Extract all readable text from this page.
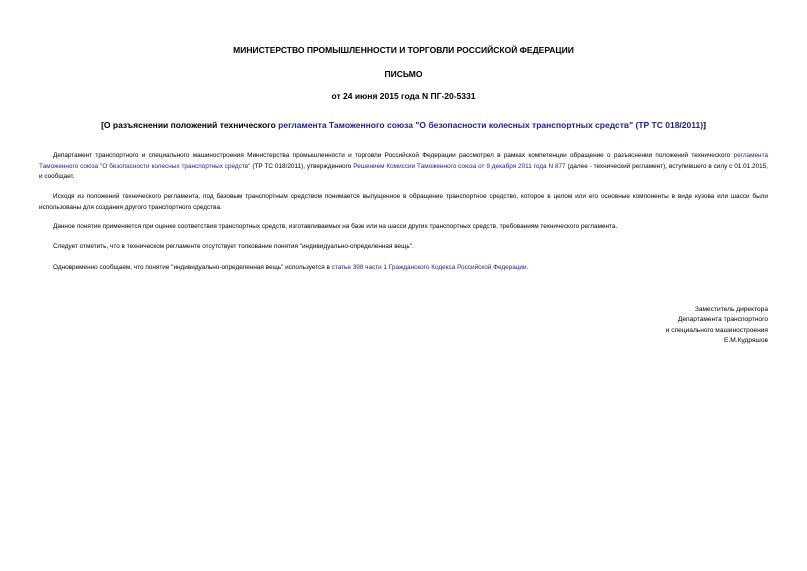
МИНИСТЕРСТВО ПРОМЫШЛЕННОСТИ И ТОРГОВЛИ РОССИЙСКОЙ ФЕДЕРАЦИИ
ПИСЬМО
от 24 июня 2015 года N ПГ-20-5331
[О разъяснении положений технического регламента Таможенного союза "О безопасности колесных транспортных средств" (ТР ТС 018/2011)]
Департамент транспортного и специального машиностроения Министерства промышленности и торговли Российской Федерации рассмотрел в рамках компетенции обращение о разъяснении положений технического регламента Таможенного союза "О безопасности колесных транспортных средств" (ТР ТС 018/2011), утвержденного Решением Комиссии Таможенного союза от 9 декабря 2011 года N 877 (далее - технический регламент), вступившего в силу с 01.01.2015, и сообщает.
Исходя из положений технического регламента, под базовым транспортным средством понимается выпущенное в обращение транспортное средство, которое в целом или его основные компоненты в виде кузова или шасси были использованы для создания другого транспортного средства.
Данное понятие применяется при оценке соответствия транспортных средств, изготавливаемых на базе или на шасси других транспортных средств, требованиям технического регламента.
Следует отметить, что в техническом регламенте отсутствует толкование понятия "индивидуально-определенная вещь".
Одновременно сообщаем, что понятие "индивидуально-определенная вещь" используется в статье 398 части 1 Гражданского Кодекса Российской Федерации.
Заместитель директора
Департамента транспортного
и специального машиностроения
Е.М.Кудряшов
